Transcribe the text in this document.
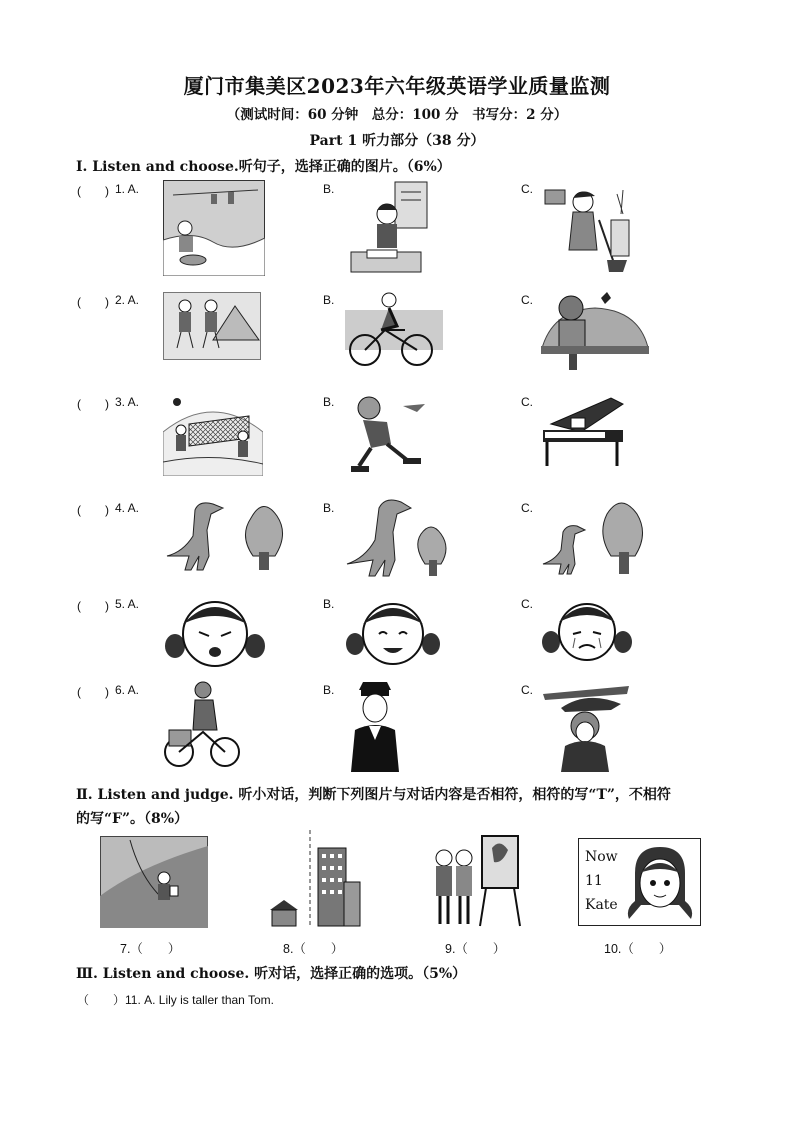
厦门市集美区2023年六年级英语学业质量监测
（测试时间：60 分钟　总分：100 分　书写分：2 分）
Part 1 听力部分（38 分）
Ⅰ. Listen and choose.听句子，选择正确的图片。（6%）
(　　) 1. A.	B.	C.
(　　) 2. A.	B.	C.
(　　) 3. A.	B.	C.
(　　) 4. A.	B.	C.
(　　) 5. A.	B.	C.
(　　) 6. A.	B.	C.
Ⅱ. Listen and judge. 听小对话，判断下列图片与对话内容是否相符，相符的写“T”，不相符
的写“F”。（8%）
Now
11
Kate
7.（　　）	8.（　　）	9.（　　）	10.（　　）
Ⅲ. Listen and choose. 听对话，选择正确的选项。（5%）
（　　）11. A. Lily is taller than Tom.
